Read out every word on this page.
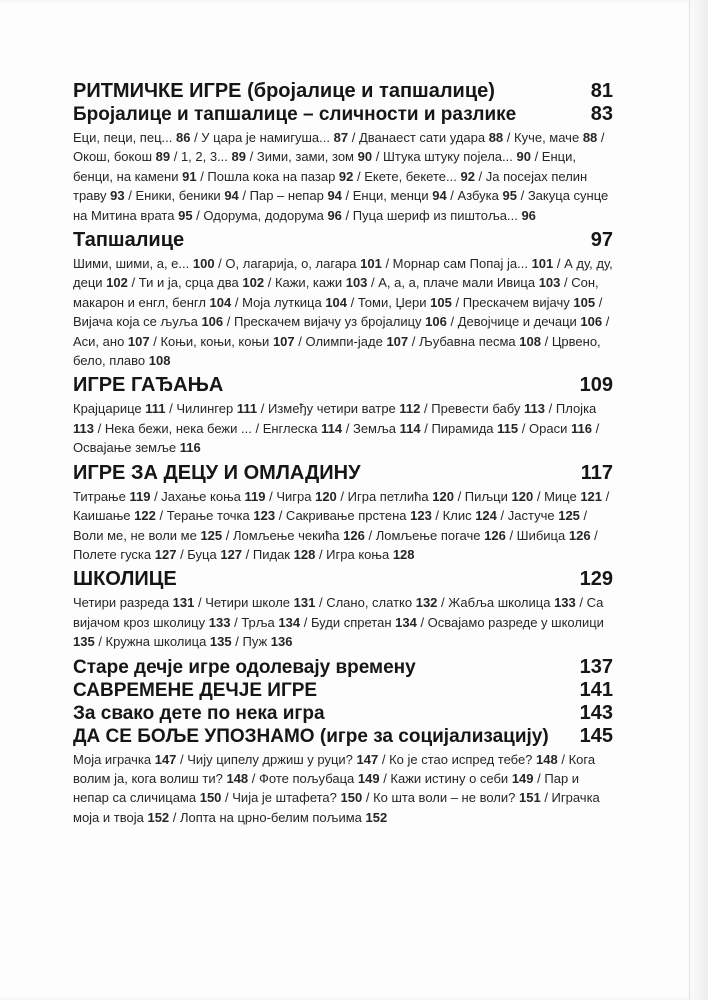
РИТМИЧКЕ ИГРЕ (бројалице и тапшалице)	81
Бројалице и тапшалице – сличности и разлике	83
Еци, пеци, пец... 86 / У цара је намигуша... 87 / Дванаест сати удара 88 / Куче, маче 88 / Окош, бокош 89 / 1, 2, 3... 89 / Зими, зами, зом 90 / Штука штуку појела... 90 / Енци, бенци, на камени 91 / Пошла кока на пазар 92 / Екете, бекете... 92 / Ја посејах пелин траву 93 / Еники, беники 94 / Пар – непар 94 / Енци, менци 94 / Азбука 95 / Закуца сунце на Митина врата 95 / Одорума, додорума 96 / Пуца шериф из пиштоља... 96
Тапшалице	97
Шими, шими, а, е... 100 / О, лагарија, о, лагара 101 / Морнар сам Попај ја... 101 / А ду, ду, деци 102 / Ти и ја, срца два 102 / Кажи, кажи 103 / А, а, а, плаче мали Ивица 103 / Сон, макарон и енгл, бенгл 104 / Моја луткица 104 / Томи, Џери 105 / Прескачем вијачу 105 / Вијача која се љуља 106 / Прескачем вијачу уз бројалицу 106 / Девојчице и дечаци 106 / Аси, ано 107 / Коњи, коњи, коњи 107 / Олимпи-јаде 107 / Љубавна песма 108 / Црвено, бело, плаво 108
ИГРЕ ГАЂАЊА	109
Крајцарице 111 / Чилингер 111 / Између четири ватре 112 / Превести бабу 113 / Плојка 113 / Нека бежи, нека бежи ... / Енглеска 114 / Земља 114 / Пирамида 115 / Ораси 116 / Освајање земље 116
ИГРЕ ЗА ДЕЦУ И ОМЛАДИНУ	117
Титрање 119 / Јахање коња 119 / Чигра 120 / Игра петлића 120 / Пиљци 120 / Мице 121 / Каишање 122 / Терање точка 123 / Сакривање прстена 123 / Клис 124 / Јастуче 125 / Воли ме, не воли ме 125 / Ломљење чекића 126 / Ломљење погаче 126 / Шибица 126 / Полете гуска 127 / Буца 127 / Пидак 128 / Игра коња 128
ШКОЛИЦЕ	129
Четири разреда 131 / Четири школе 131 / Слано, слатко 132 / Жабља школица 133 / Са вијачом кроз школицу 133 / Трља 134 / Буди спретан 134 / Освајамо разреде у школици 135 / Кружна школица 135 / Пуж 136
Старе дечје игре одолевају времену	137
САВРЕМЕНЕ ДЕЧЈЕ ИГРЕ	141
За свако дете по нека игра	143
ДА СЕ БОЉЕ УПОЗНАМО (игре за социјализацију) 145
Моја играчка 147 / Чију ципелу држиш у руци? 147 / Ко је стао испред тебе? 148 / Кога волим ја, кога волиш ти? 148 / Фоте пољубаца 149 / Кажи истину о себи 149 / Пар и непар са сличицама 150 / Чија је штафета? 150 / Ко шта воли – не воли? 151 / Играчка моја и твоја 152 / Лопта на црно-белим пољима 152
